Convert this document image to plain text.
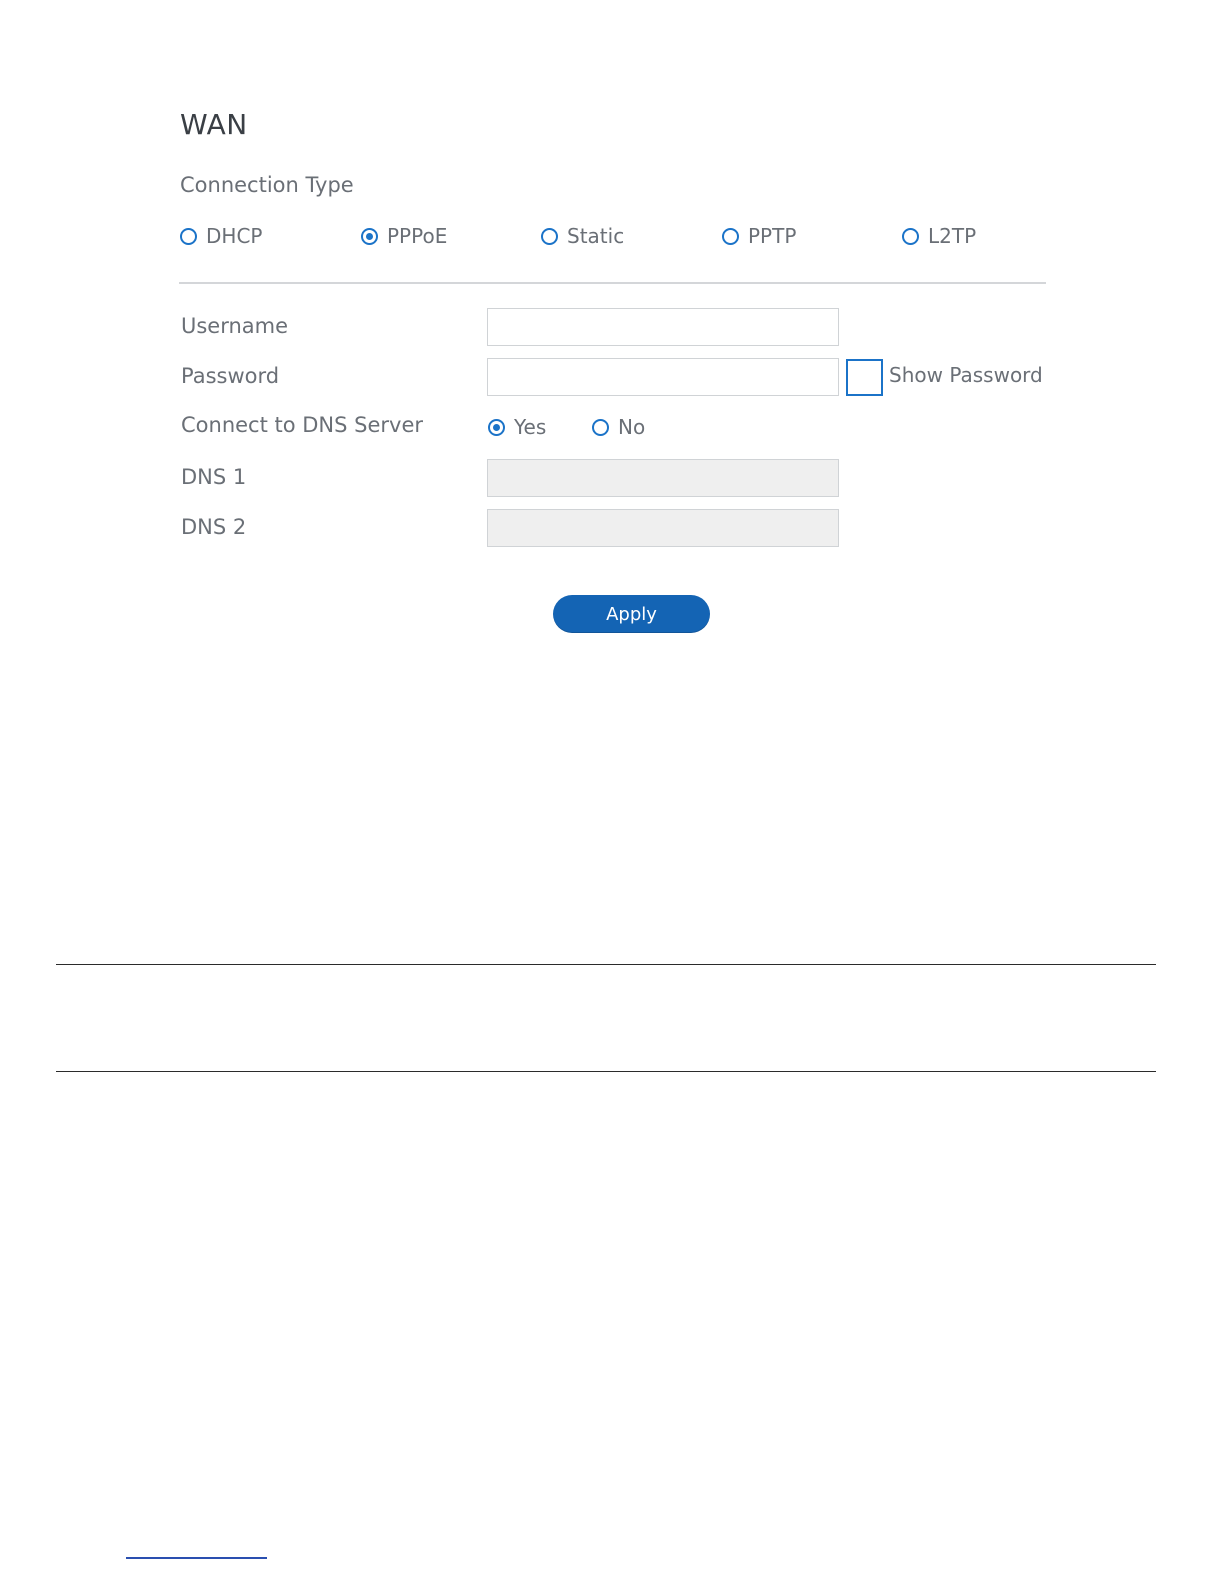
WAN
Connection Type
DHCP	PPPoE	Static	PPTP	L2TP
Username
Password	Show Password
Connect to DNS Server	Yes	No
DNS 1
DNS 2
Apply
